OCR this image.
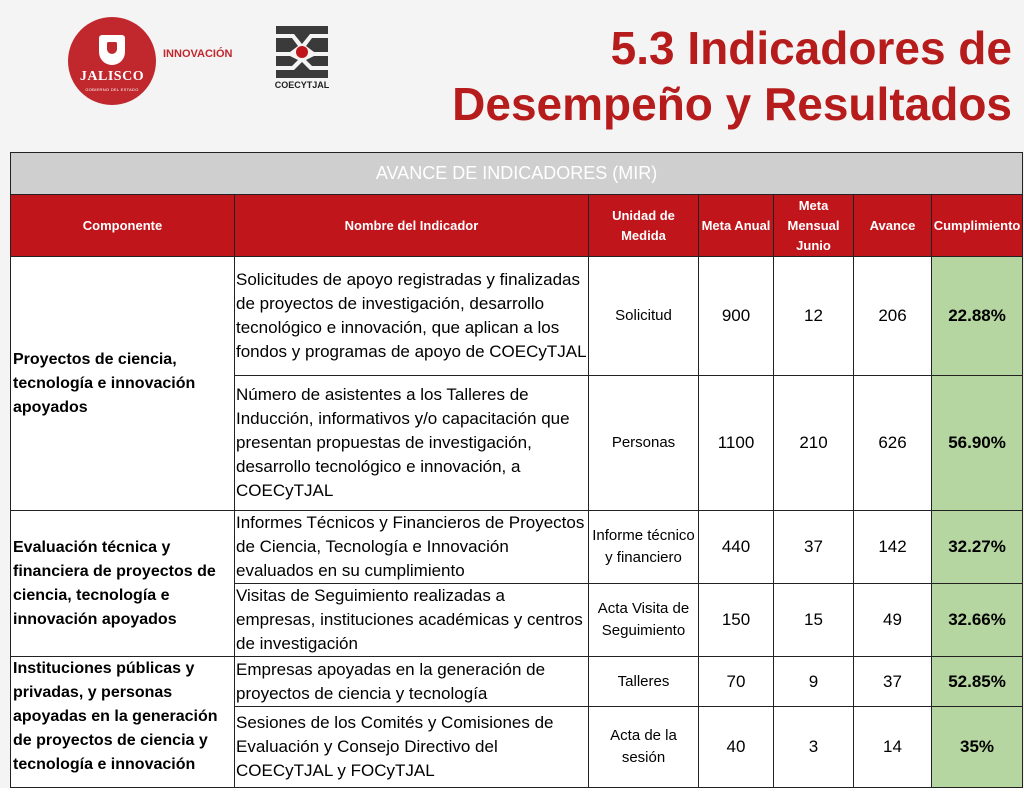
JALISCO
GOBIERNO DEL ESTADO
INNOVACIÓN
COECYTJAL
5.3 Indicadores de
Desempeño y Resultados
AVANCE DE INDICADORES (MIR)						
Componente	Nombre del Indicador	Unidad de Medida	Meta Anual	Meta Mensual Junio	Avance	Cumplimiento
Proyectos de ciencia, tecnología e innovación apoyados	Solicitudes de apoyo registradas y finalizadas de proyectos de investigación, desarrollo tecnológico e innovación, que aplican a los fondos y programas de apoyo de COECyTJAL	Solicitud	900	12	206	22.88%
	Número de asistentes a los Talleres de Inducción, informativos y/o capacitación que presentan propuestas de investigación, desarrollo tecnológico e innovación, a COECyTJAL	Personas	1100	210	626	56.90%
Evaluación técnica y financiera de proyectos de ciencia, tecnología e innovación apoyados	Informes Técnicos y Financieros de Proyectos de Ciencia, Tecnología e Innovación evaluados en su cumplimiento	Informe técnico y financiero	440	37	142	32.27%
	Visitas de Seguimiento realizadas a empresas, instituciones académicas y centros de investigación	Acta Visita de Seguimiento	150	15	49	32.66%
Instituciones públicas y privadas, y personas apoyadas en la generación de proyectos de ciencia y tecnología e innovación	Empresas apoyadas en la generación de proyectos de ciencia y tecnología	Talleres	70	9	37	52.85%
	Sesiones de los Comités y Comisiones de Evaluación y Consejo Directivo del COECyTJAL y FOCyTJAL	Acta de la sesión	40	3	14	35%
